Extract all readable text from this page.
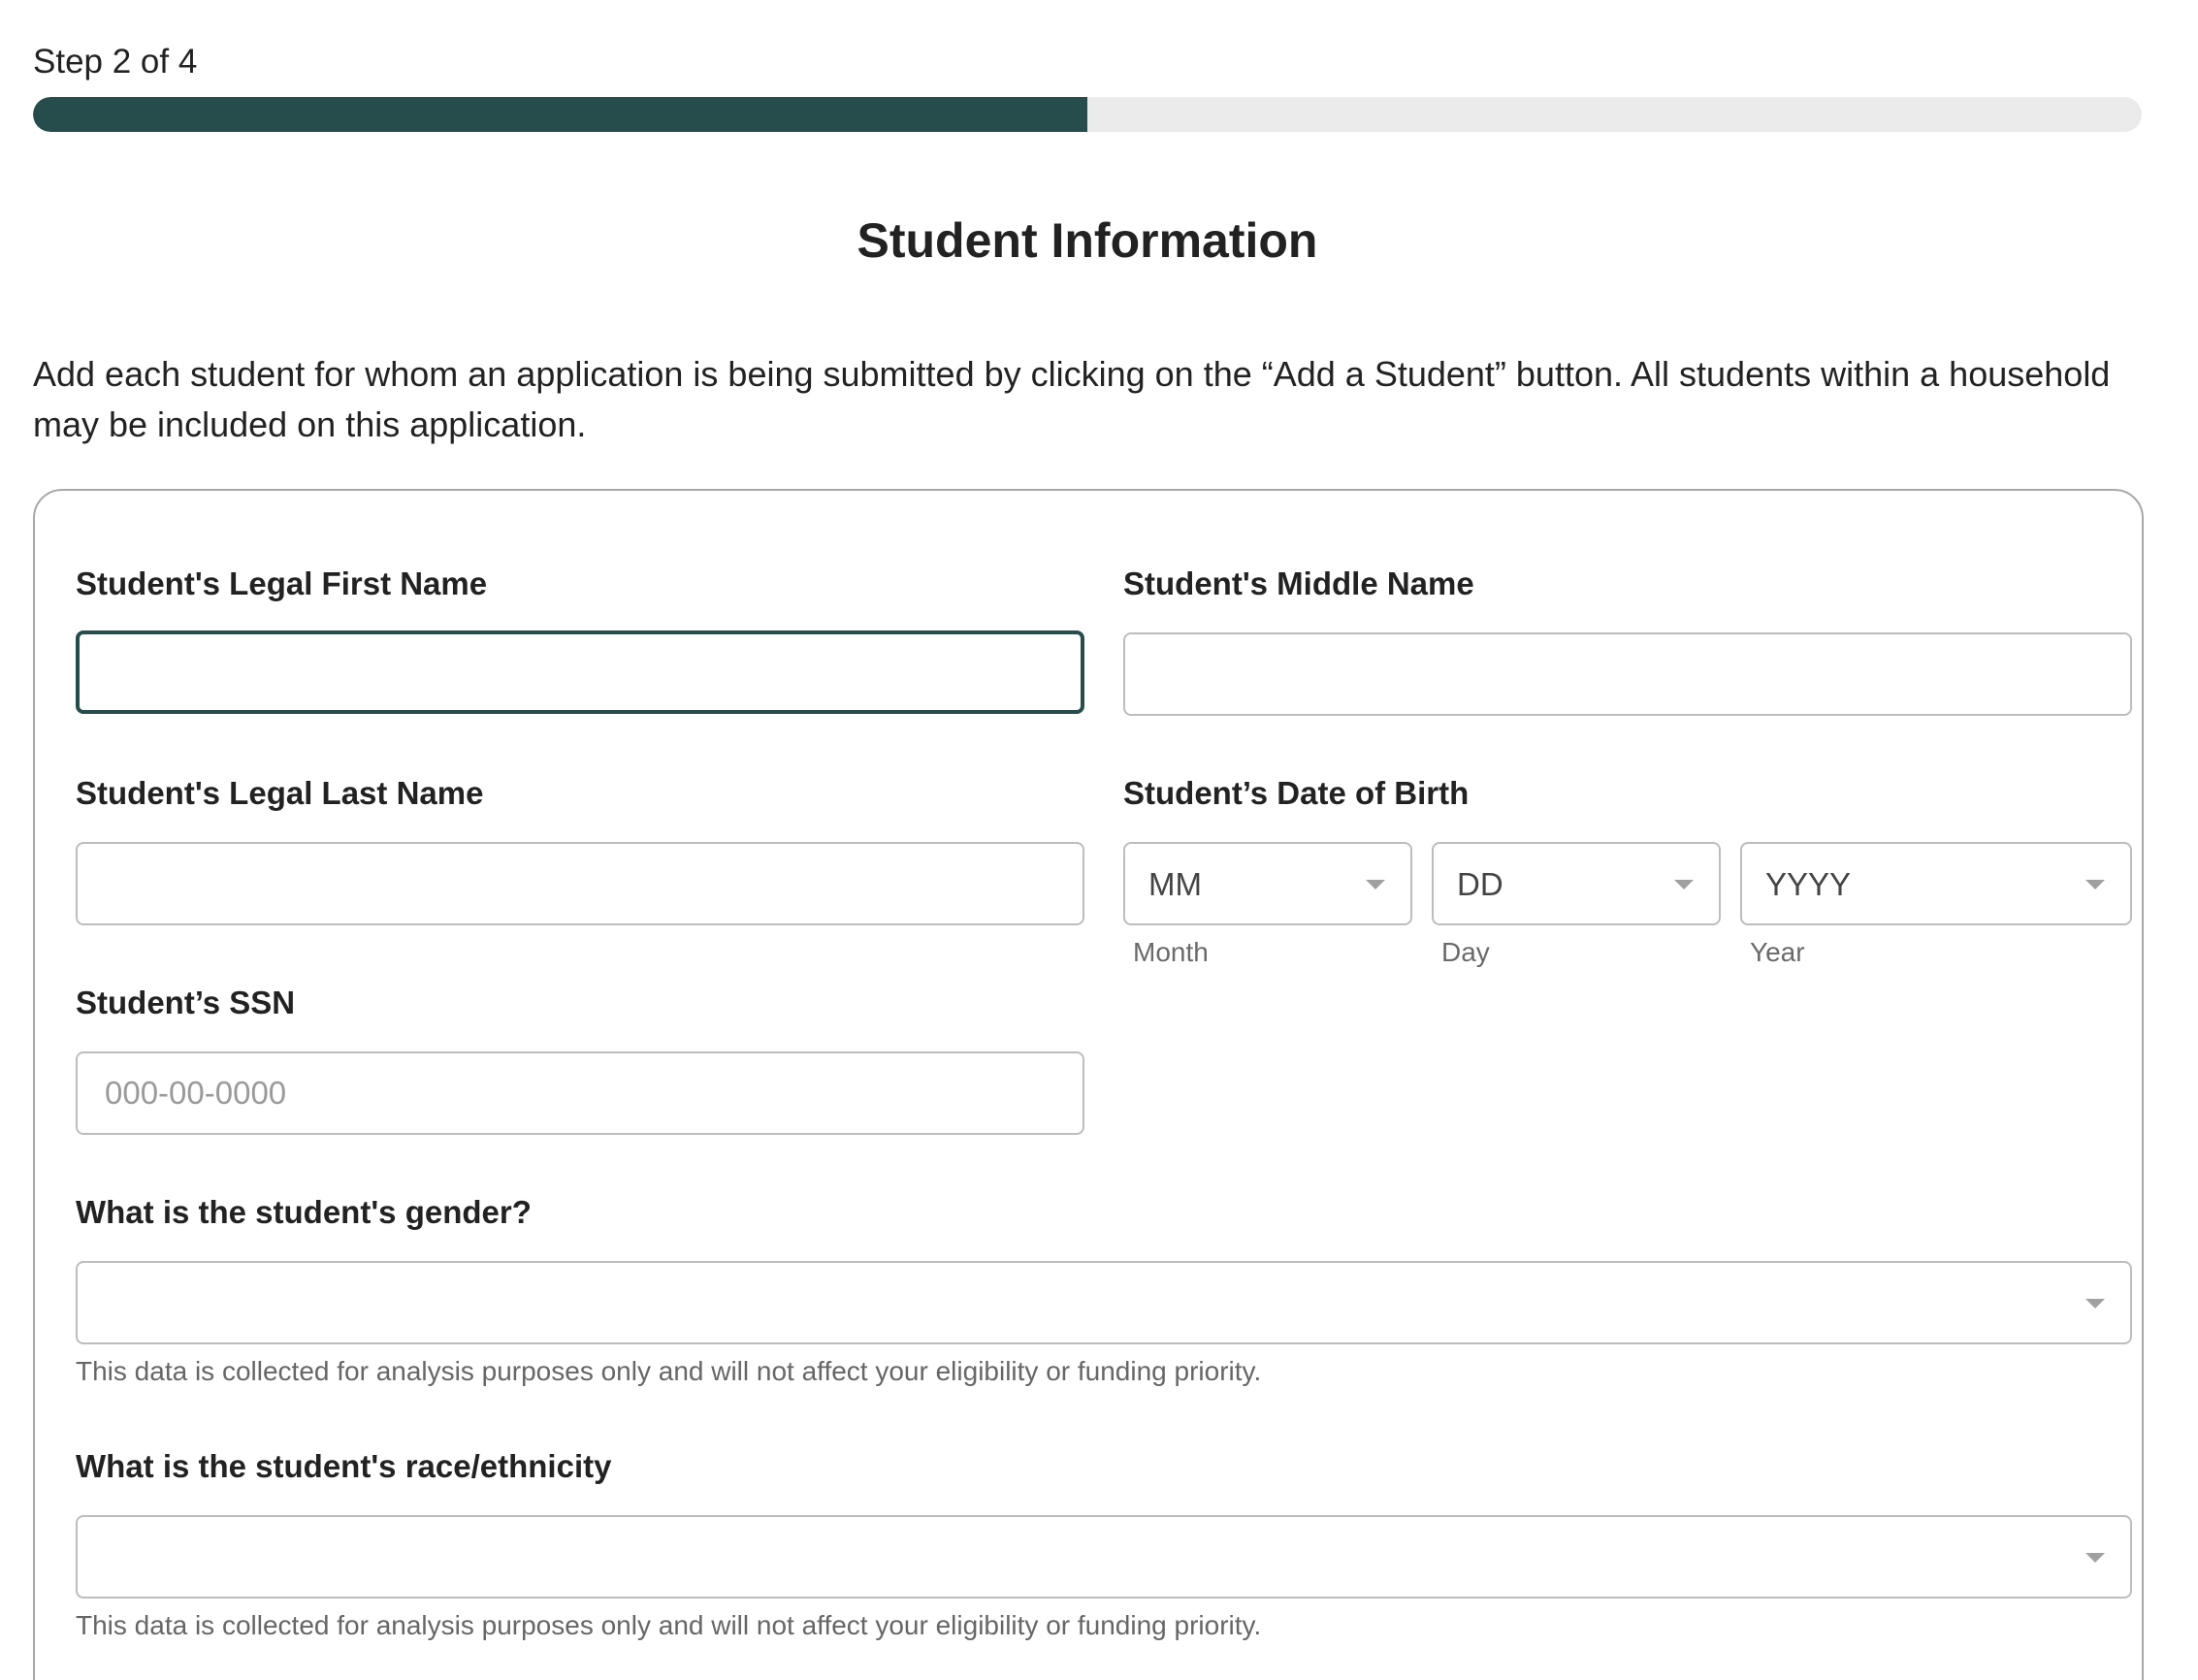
Step 2 of 4
Student Information

Add each student for whom an application is being submitted by clicking on the “Add a Student” button. All students within a household may be included on this application.

Student's Legal First Name	Student's Middle Name
Student's Legal Last Name	Student’s Date of Birth
MM	DD	YYYY
Month	Day	Year
Student’s SSN
000-00-0000
What is the student's gender?
This data is collected for analysis purposes only and will not affect your eligibility or funding priority.
What is the student's race/ethnicity
This data is collected for analysis purposes only and will not affect your eligibility or funding priority.
